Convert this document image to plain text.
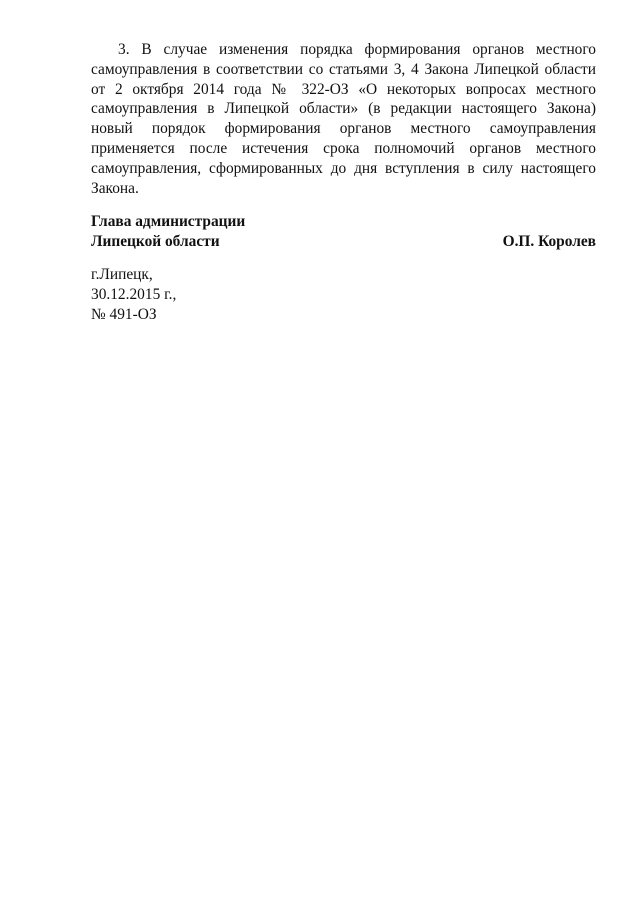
3. В случае изменения порядка формирования органов местного самоуправления в соответствии со статьями 3, 4 Закона Липецкой области от 2 октября 2014 года № 322-ОЗ «О некоторых вопросах местного самоуправления в Липецкой области» (в редакции настоящего Закона) новый порядок формирования органов местного самоуправления применяется после истечения срока полномочий органов местного самоуправления, сформированных до дня вступления в силу настоящего Закона.

Глава администрации
Липецкой области	О.П. Королев
г.Липецк,
30.12.2015 г.,
№ 491-ОЗ
